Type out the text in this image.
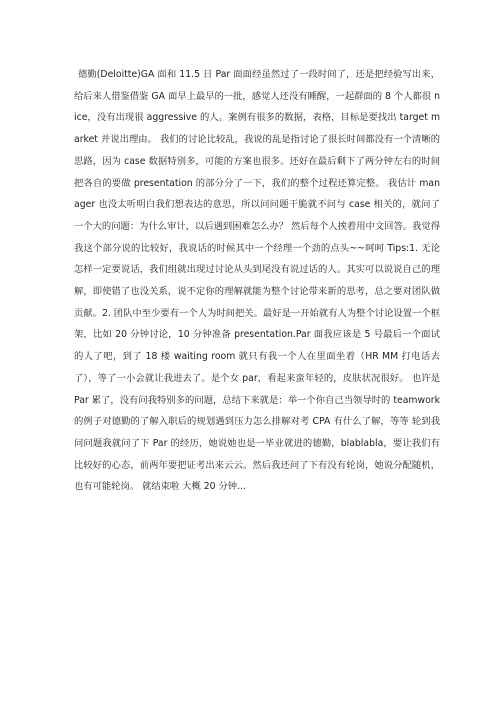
德勤(Deloitte)GA 面和 11.5 日 Par 面面经虽然过了一段时间了，还是把经验写出来，给后来人借鉴借鉴 GA 面早上最早的一批，感觉人还没有睡醒，一起群面的 8 个人都很 nice，没有出现很 aggressive 的人。案例有很多的数据，表格，目标是要找出 target market 并说出理由。 我们的讨论比较乱，我说的乱是指讨论了很长时间都没有一个清晰的思路，因为 case 数据特别多，可能的方案也很多。还好在最后剩下了两分钟左右的时间把各自的要做 presentation 的部分分了一下，我们的整个过程还算完整。 我估计 manager 也没太听明白我们想表达的意思，所以问问题干脆就不问与 case 相关的，就问了一个大的问题：为什么审计，以后遇到困难怎么办？ 然后每个人挨着用中文回答。我觉得我这个部分说的比较好，我说话的时候其中一个经理一个劲的点头~~呵呵 Tips:1. 无论怎样一定要说话，我们组就出现过讨论从头到尾没有说过话的人。其实可以说说自己的理解，即使错了也没关系，说不定你的理解就能为整个讨论带来新的思考，总之要对团队做贡献。2. 团队中至少要有一个人为时间把关。最好是一开始就有人为整个讨论设置一个框架，比如 20 分钟讨论，10 分钟准备 presentation.Par 面我应该是 5 号最后一个面试的人了吧，到了 18 楼 waiting room 就只有我一个人在里面坐着（HR MM 打电话去了），等了一小会就让我进去了。是个女 par，看起来蛮年轻的，皮肤状况很好。 也许是 Par 累了，没有问我特别多的问题，总结下来就是：举一个你自己当领导时的 teamwork 的例子对德勤的了解入职后的规划遇到压力怎么排解对考 CPA 有什么了解，等等 轮到我问问题我就问了下 Par 的经历，她说她也是一毕业就进的德勤，blablabla，要让我们有比较好的心态，前两年要把证考出来云云。然后我还问了下有没有轮岗，她说分配随机，也有可能轮岗。 就结束啦 大概 20 分钟...
